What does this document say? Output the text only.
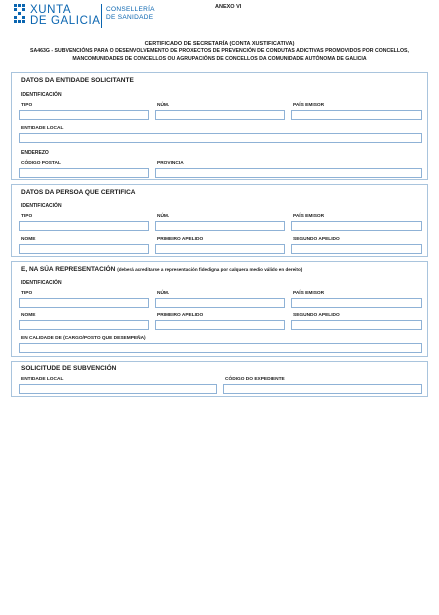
XUNTA
DE GALICIA
CONSELLERÍA
DE SANIDADE
ANEXO VI
CERTIFICADO DE SECRETARÍA (CONTA XUSTIFICATIVA)
SA463G - SUBVENCIÓNS PARA O DESENVOLVEMENTO DE PROXECTOS DE PREVENCIÓN DE CONDUTAS ADICTIVAS PROMOVIDOS POR CONCELLOS,
MANCOMUNIDADES DE CONCELLOS OU AGRUPACIÓNS DE CONCELLOS DA COMUNIDADE AUTÓNOMA DE GALICIA
DATOS DA ENTIDADE SOLICITANTE
IDENTIFICACIÓN
TIPO	NÚM.	PAÍS EMISOR
ENTIDADE LOCAL
ENDEREZO
CÓDIGO POSTAL	PROVINCIA
DATOS DA PERSOA QUE CERTIFICA
IDENTIFICACIÓN
TIPO	NÚM.	PAÍS EMISOR
NOME	PRIMEIRO APELIDO	SEGUNDO APELIDO
E, NA SÚA REPRESENTACIÓN (deberá acreditarse a representación fidedigna por calquera medio válido en dereito)
IDENTIFICACIÓN
TIPO	NÚM.	PAÍS EMISOR
NOME	PRIMEIRO APELIDO	SEGUNDO APELIDO
EN CALIDADE DE (CARGO/POSTO QUE DESEMPEÑA)
SOLICITUDE DE SUBVENCIÓN
ENTIDADE LOCAL	CÓDIGO DO EXPEDIENTE
